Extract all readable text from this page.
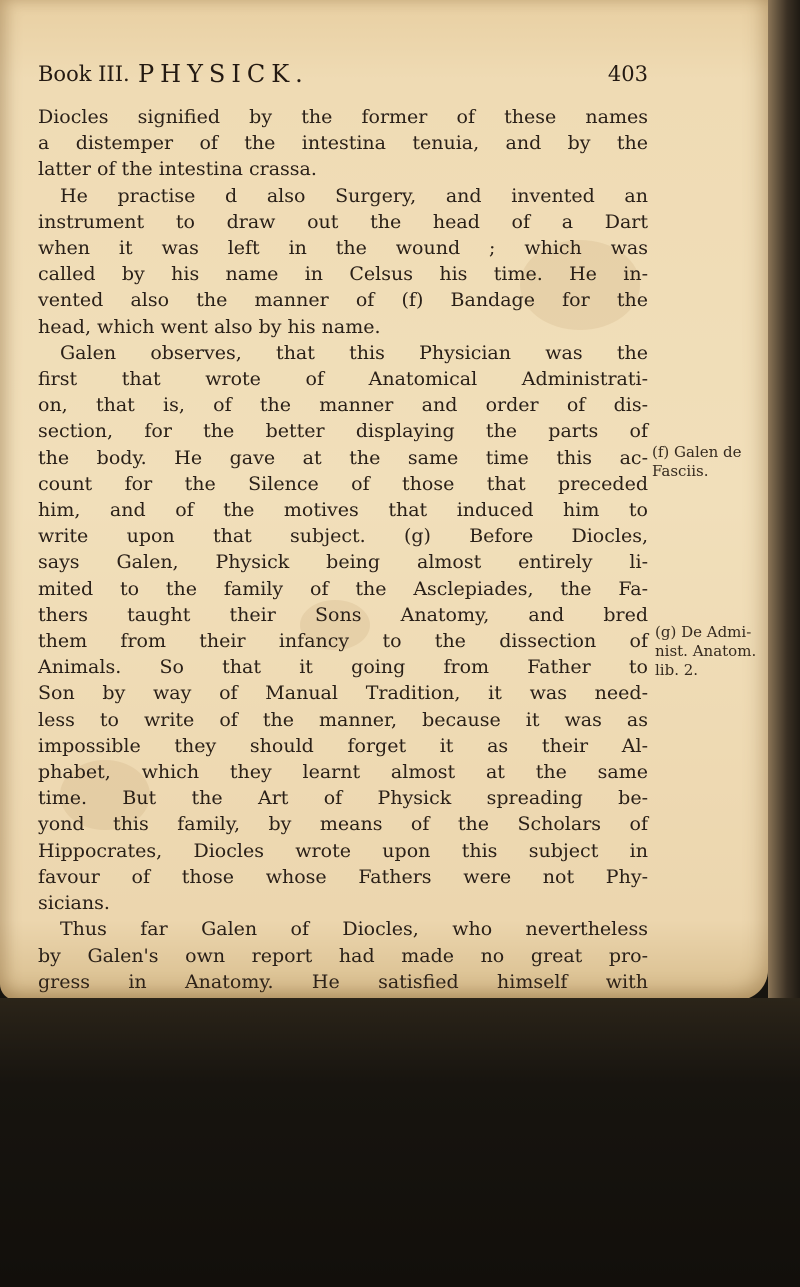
Book III. PHYSICK.	403
Diocles signified by the former of these names
a distemper of the intestina tenuia, and by the
latter of the intestina crassa.
He practise d also Surgery, and invented an
instrument to draw out the head of a Dart
when it was left in the wound ; which was
called by his name in Celsus his time. He in-
vented also the manner of (f) Bandage for the
head, which went also by his name.
Galen observes, that this Physician was the
first that wrote of Anatomical Administrati-
on, that is, of the manner and order of dis-
section, for the better displaying the parts of
the body. He gave at the same time this ac-
count for the Silence of those that preceded
him, and of the motives that induced him to
write upon that subject. (g) Before Diocles,
says Galen, Physick being almost entirely li-
mited to the family of the Asclepiades, the Fa-
thers taught their Sons Anatomy, and bred
them from their infancy to the dissection of
Animals. So that it going from Father to
Son by way of Manual Tradition, it was need-
less to write of the manner, because it was as
impossible they should forget it as their Al-
phabet, which they learnt almost at the same
time. But the Art of Physick spreading be-
yond this family, by means of the Scholars of
Hippocrates, Diocles wrote upon this subject in
favour of those whose Fathers were not Phy-
sicians.
Thus far Galen of Diocles, who nevertheless
by Galen's own report had made no great pro-
gress in Anatomy. He satisfied himself with
(f) Galen de
Fasciis.
(g) De Admi-
nist. Anatom.
lib. 2.
